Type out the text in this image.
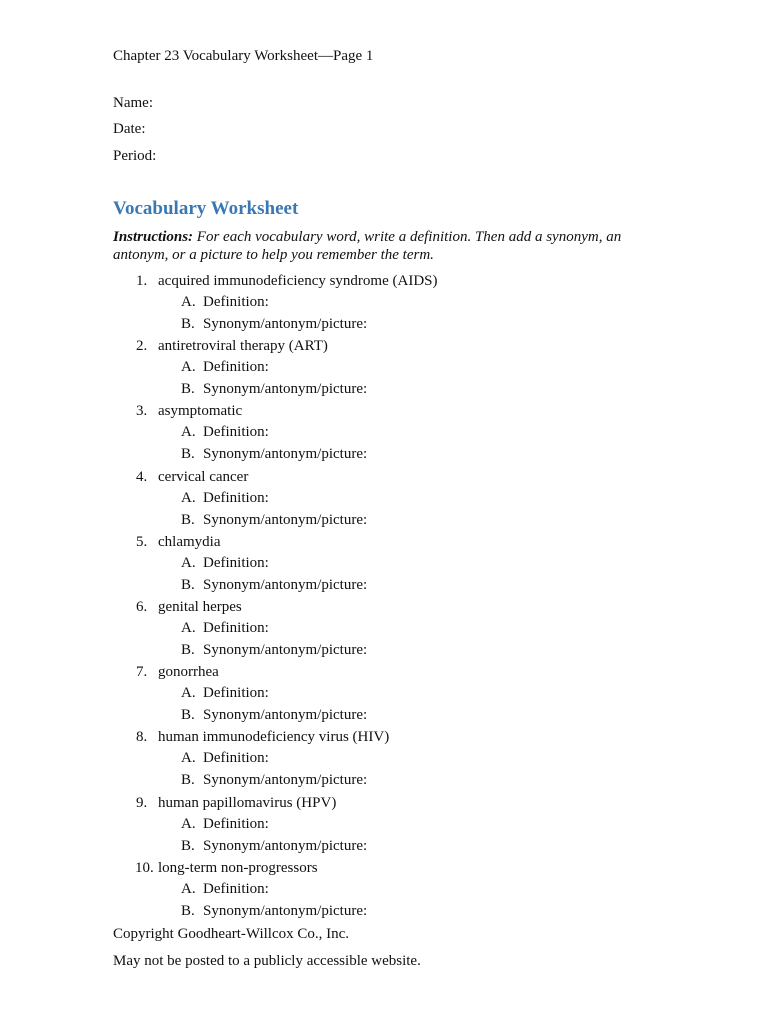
Chapter 23 Vocabulary Worksheet—Page 1
Name:
Date:
Period:
Vocabulary Worksheet
Instructions: For each vocabulary word, write a definition. Then add a synonym, an antonym, or a picture to help you remember the term.
1. acquired immunodeficiency syndrome (AIDS)
A. Definition:
B. Synonym/antonym/picture:
2. antiretroviral therapy (ART)
A. Definition:
B. Synonym/antonym/picture:
3. asymptomatic
A. Definition:
B. Synonym/antonym/picture:
4. cervical cancer
A. Definition:
B. Synonym/antonym/picture:
5. chlamydia
A. Definition:
B. Synonym/antonym/picture:
6. genital herpes
A. Definition:
B. Synonym/antonym/picture:
7. gonorrhea
A. Definition:
B. Synonym/antonym/picture:
8. human immunodeficiency virus (HIV)
A. Definition:
B. Synonym/antonym/picture:
9. human papillomavirus (HPV)
A. Definition:
B. Synonym/antonym/picture:
10. long-term non-progressors
A. Definition:
B. Synonym/antonym/picture:
Copyright Goodheart-Willcox Co., Inc.
May not be posted to a publicly accessible website.
